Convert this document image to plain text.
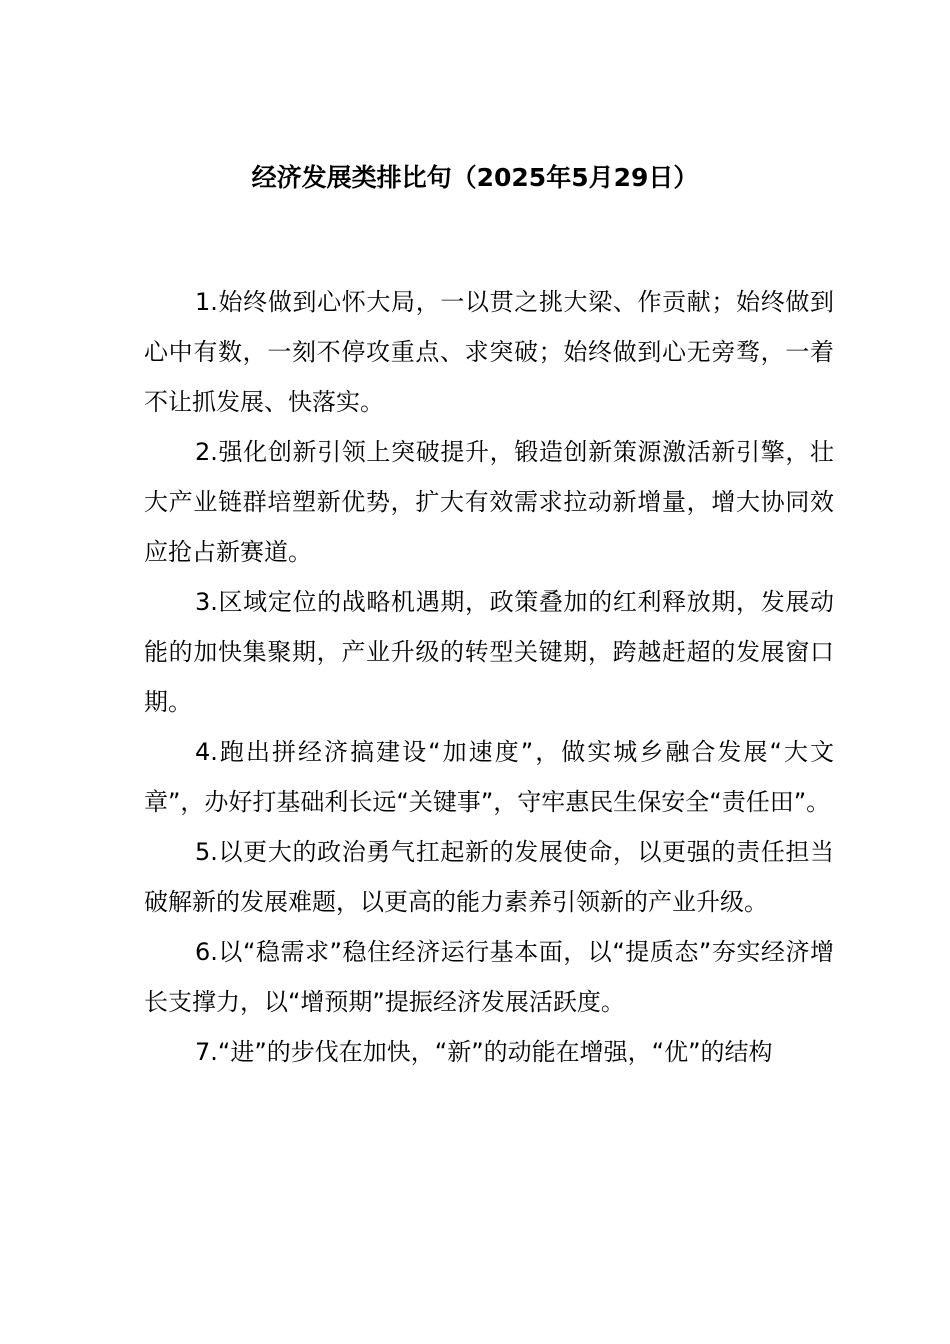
经济发展类排比句（2025年5月29日）

1.始终做到心怀大局，一以贯之挑大梁、作贡献；始终做到心中有数，一刻不停攻重点、求突破；始终做到心无旁骛，一着不让抓发展、快落实。

2.强化创新引领上突破提升，锻造创新策源激活新引擎，壮大产业链群培塑新优势，扩大有效需求拉动新增量，增大协同效应抢占新赛道。

3.区域定位的战略机遇期，政策叠加的红利释放期，发展动能的加快集聚期，产业升级的转型关键期，跨越赶超的发展窗口期。

4.跑出拼经济搞建设“加速度”，做实城乡融合发展“大文章”，办好打基础利长远“关键事”，守牢惠民生保安全“责任田”。

5.以更大的政治勇气扛起新的发展使命，以更强的责任担当破解新的发展难题，以更高的能力素养引领新的产业升级。

6.以“稳需求”稳住经济运行基本面，以“提质态”夯实经济增长支撑力，以“增预期”提振经济发展活跃度。

7.“进”的步伐在加快，“新”的动能在增强，“优”的结构
